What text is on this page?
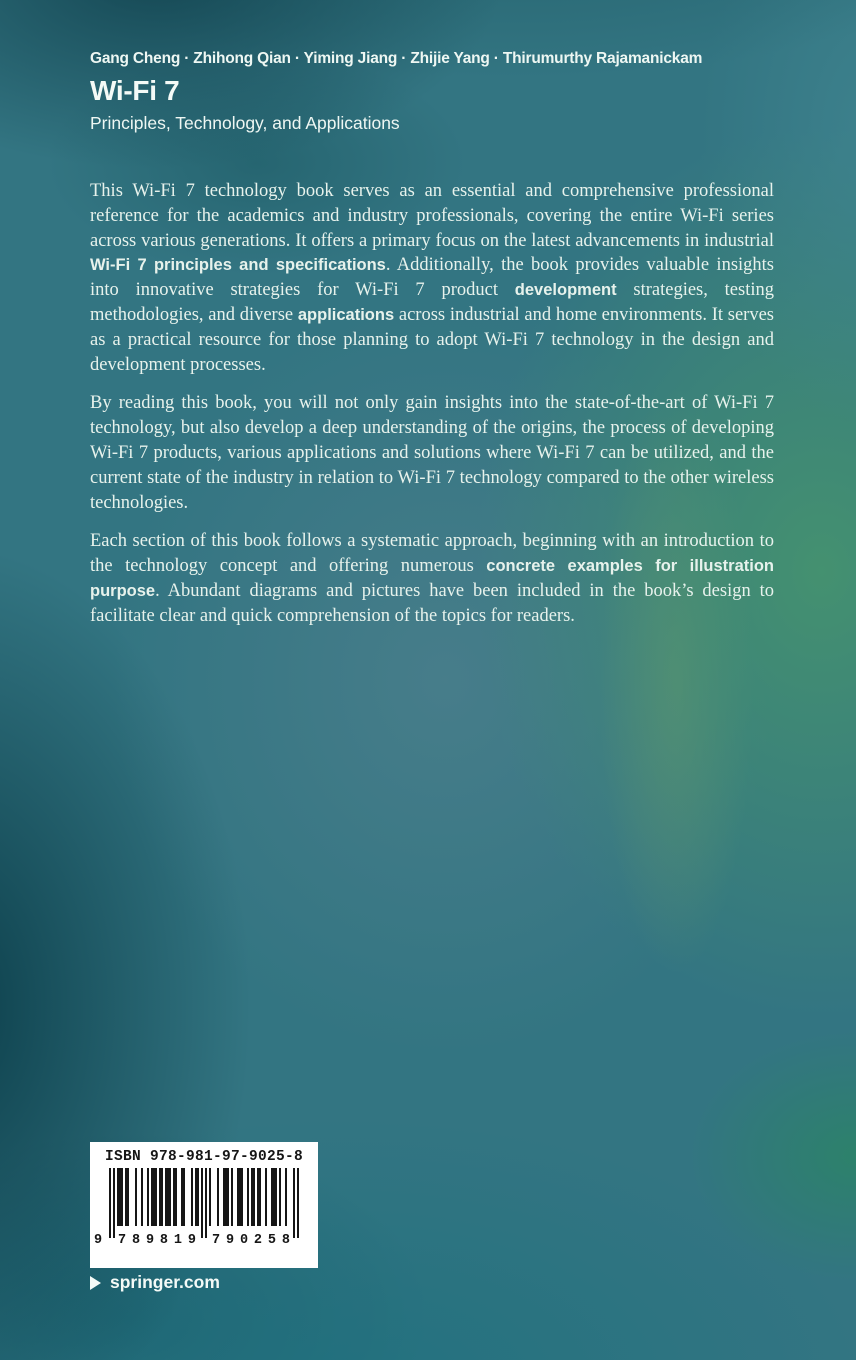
Gang Cheng · Zhihong Qian · Yiming Jiang · Zhijie Yang · Thirumurthy Rajamanickam
Wi-Fi 7
Principles, Technology, and Applications

This Wi-Fi 7 technology book serves as an essential and comprehensive professional reference for the academics and industry professionals, covering the entire Wi-Fi series across various generations. It offers a primary focus on the latest advancements in industrial Wi-Fi 7 principles and specifications. Additionally, the book provides valuable insights into innovative strategies for Wi-Fi 7 product development strategies, testing methodologies, and diverse applications across industrial and home environments. It serves as a practical resource for those planning to adopt Wi-Fi 7 technology in the design and development processes.

By reading this book, you will not only gain insights into the state-of-the-art of Wi-Fi 7 technology, but also develop a deep understanding of the origins, the process of developing Wi-Fi 7 products, various applications and solutions where Wi-Fi 7 can be utilized, and the current state of the industry in relation to Wi-Fi 7 technology compared to the other wireless technologies.

Each section of this book follows a systematic approach, beginning with an introduction to the technology concept and offering numerous concrete examples for illustration purpose. Abundant diagrams and pictures have been included in the book’s design to facilitate clear and quick comprehension of the topics for readers.

ISBN 978-981-97-9025-8
9 789819 790258
springer.com
